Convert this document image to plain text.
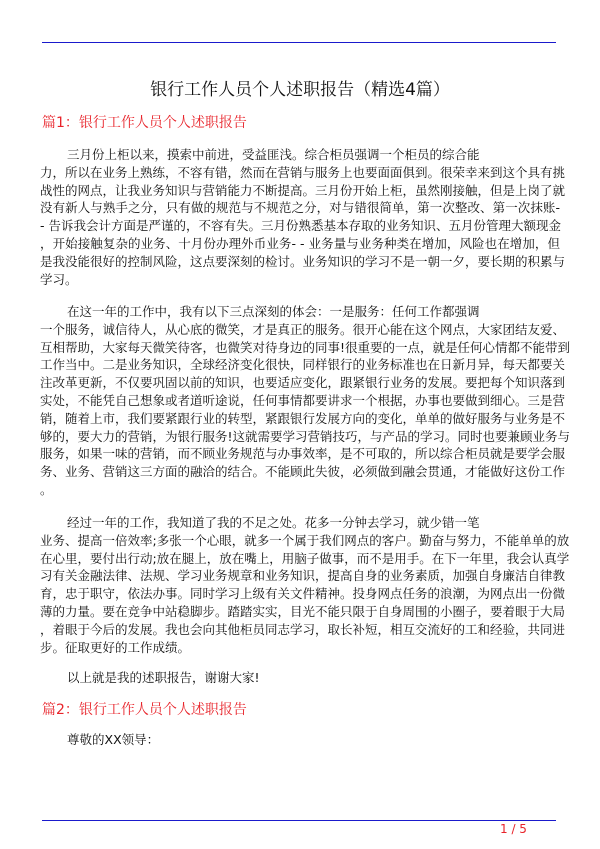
银行工作人员个人述职报告（精选4篇）
篇1：银行工作人员个人述职报告
三月份上柜以来，摸索中前进，受益匪浅。综合柜员强调一个柜员的综合能
力，所以在业务上熟练，不容有错，然而在营销与服务上也要面面俱到。很荣幸来到这个具有挑
战性的网点，让我业务知识与营销能力不断提高。三月份开始上柜，虽然刚接触，但是上岗了就
没有新人与熟手之分，只有做的规范与不规范之分，对与错很简单，第一次整改、第一次抹账-
- 告诉我会计方面是严谨的，不容有失。三月份熟悉基本存取的业务知识、五月份管理大额现金
，开始接触复杂的业务、十月份办理外币业务- - 业务量与业务种类在增加，风险也在增加，但
是我没能很好的控制风险，这点要深刻的检讨。业务知识的学习不是一朝一夕，要长期的积累与
学习。
在这一年的工作中，我有以下三点深刻的体会：一是服务：任何工作都强调
一个服务，诚信待人，从心底的微笑，才是真正的服务。很开心能在这个网点，大家团结友爱、
互相帮助，大家每天微笑待客，也微笑对待身边的同事!很重要的一点，就是任何心情都不能带到
工作当中。二是业务知识，全球经济变化很快，同样银行的业务标准也在日新月异，每天都要关
注改革更新，不仅要巩固以前的知识，也要适应变化，跟紧银行业务的发展。要把每个知识落到
实处，不能凭自己想象或者道听途说，任何事情都要讲求一个根据，办事也要做到细心。三是营
销，随着上市，我们要紧跟行业的转型，紧跟银行发展方向的变化，单单的做好服务与业务是不
够的，要大力的营销，为银行服务!这就需要学习营销技巧，与产品的学习。同时也要兼顾业务与
服务，如果一味的营销，而不顾业务规范与办事效率，是不可取的，所以综合柜员就是要学会服
务、业务、营销这三方面的融洽的结合。不能顾此失彼，必须做到融会贯通，才能做好这份工作
。
经过一年的工作，我知道了我的不足之处。花多一分钟去学习，就少错一笔
业务、提高一倍效率;多张一个心眼，就多一个属于我们网点的客户。勤奋与努力，不能单单的放
在心里，要付出行动;放在腿上，放在嘴上，用脑子做事，而不是用手。在下一年里，我会认真学
习有关金融法律、法规、学习业务规章和业务知识，提高自身的业务素质，加强自身廉洁自律教
育，忠于职守，依法办事。同时学习上级有关文件精神。投身网点任务的浪潮，为网点出一份微
薄的力量。要在竞争中站稳脚步。踏踏实实，目光不能只限于自身周围的小圈子，要着眼于大局
，着眼于今后的发展。我也会向其他柜员同志学习，取长补短，相互交流好的工和经验，共同进
步。征取更好的工作成绩。
以上就是我的述职报告，谢谢大家!
篇2：银行工作人员个人述职报告
尊敬的XX领导：
1 / 5
